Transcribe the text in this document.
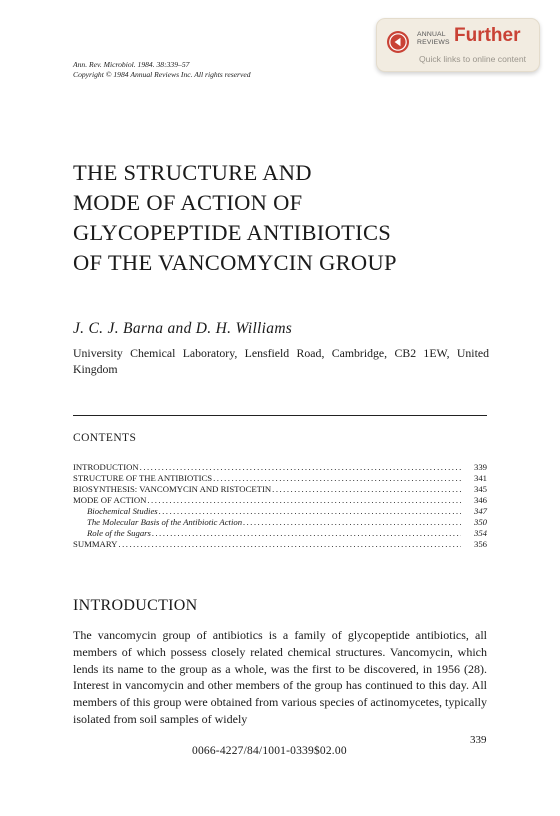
Ann. Rev. Microbiol. 1984. 38:339–57
Copyright © 1984 Annual Reviews Inc. All rights reserved
ANNUAL
REVIEWS Further
Quick links to online content
THE STRUCTURE AND
MODE OF ACTION OF
GLYCOPEPTIDE ANTIBIOTICS
OF THE VANCOMYCIN GROUP
J. C. J. Barna and D. H. Williams
University Chemical Laboratory, Lensfield Road, Cambridge, CB2 1EW, United Kingdom
CONTENTS
INTRODUCTION .....	339
STRUCTURE OF THE ANTIBIOTICS .....	341
BIOSYNTHESIS: VANCOMYCIN AND RISTOCETIN .....	345
MODE OF ACTION .....	346
Biochemical Studies .....	347
The Molecular Basis of the Antibiotic Action .....	350
Role of the Sugars .....	354
SUMMARY .....	356
INTRODUCTION

The vancomycin group of antibiotics is a family of glycopeptide antibiotics, all members of which possess closely related chemical structures. Vancomycin, which lends its name to the group as a whole, was the first to be discovered, in 1956 (28). Interest in vancomycin and other members of the group has continued to this day. All members of this group were obtained from various species of actinomycetes, typically isolated from soil samples of widely

339
0066-4227/84/1001-0339$02.00
